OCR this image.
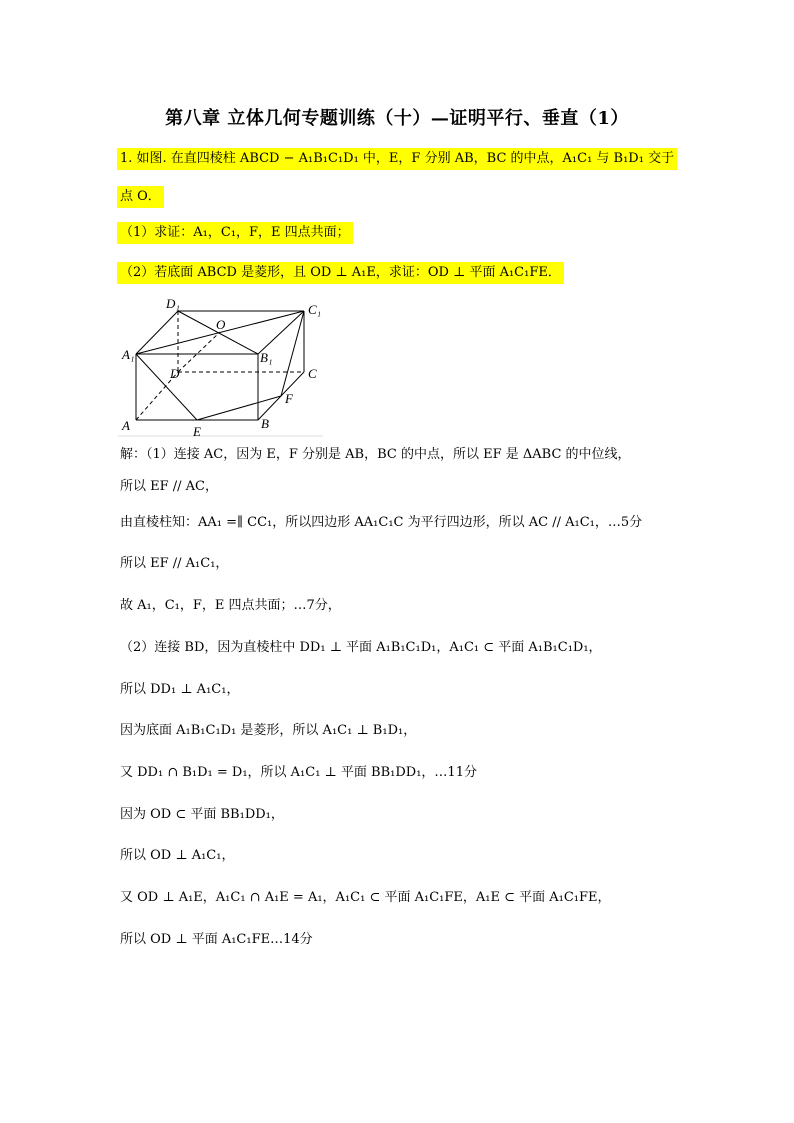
第八章 立体几何专题训练（十）—证明平行、垂直（1）
1. 如图. 在直四棱柱 ABCD − A₁B₁C₁D₁ 中，E，F 分别 AB，BC 的中点，A₁C₁ 与 B₁D₁ 交于
点 O．
（1）求证：A₁，C₁，F，E 四点共面；
（2）若底面 ABCD 是菱形，且 OD ⊥ A₁E，求证：OD ⊥ 平面 A₁C₁FE．
D₁	C₁
O
A₁	B₁
D	C
F
A	E
B
解：（1）连接 AC，因为 E，F 分别是 AB，BC 的中点，所以 EF 是 ΔABC 的中位线，
所以 EF // AC，
由直棱柱知：AA₁ =∥ CC₁，所以四边形 AA₁C₁C 为平行四边形，所以 AC // A₁C₁，…5分
所以 EF // A₁C₁，
故 A₁，C₁，F，E 四点共面；…7分，
（2）连接 BD，因为直棱柱中 DD₁ ⊥ 平面 A₁B₁C₁D₁，A₁C₁ ⊂ 平面 A₁B₁C₁D₁，
所以 DD₁ ⊥ A₁C₁，
因为底面 A₁B₁C₁D₁ 是菱形，所以 A₁C₁ ⊥ B₁D₁，
又 DD₁ ∩ B₁D₁ = D₁，所以 A₁C₁ ⊥ 平面 BB₁DD₁，…11分
因为 OD ⊂ 平面 BB₁DD₁，
所以 OD ⊥ A₁C₁，
又 OD ⊥ A₁E，A₁C₁ ∩ A₁E = A₁，A₁C₁ ⊂ 平面 A₁C₁FE，A₁E ⊂ 平面 A₁C₁FE，
所以 OD ⊥ 平面 A₁C₁FE…14分
